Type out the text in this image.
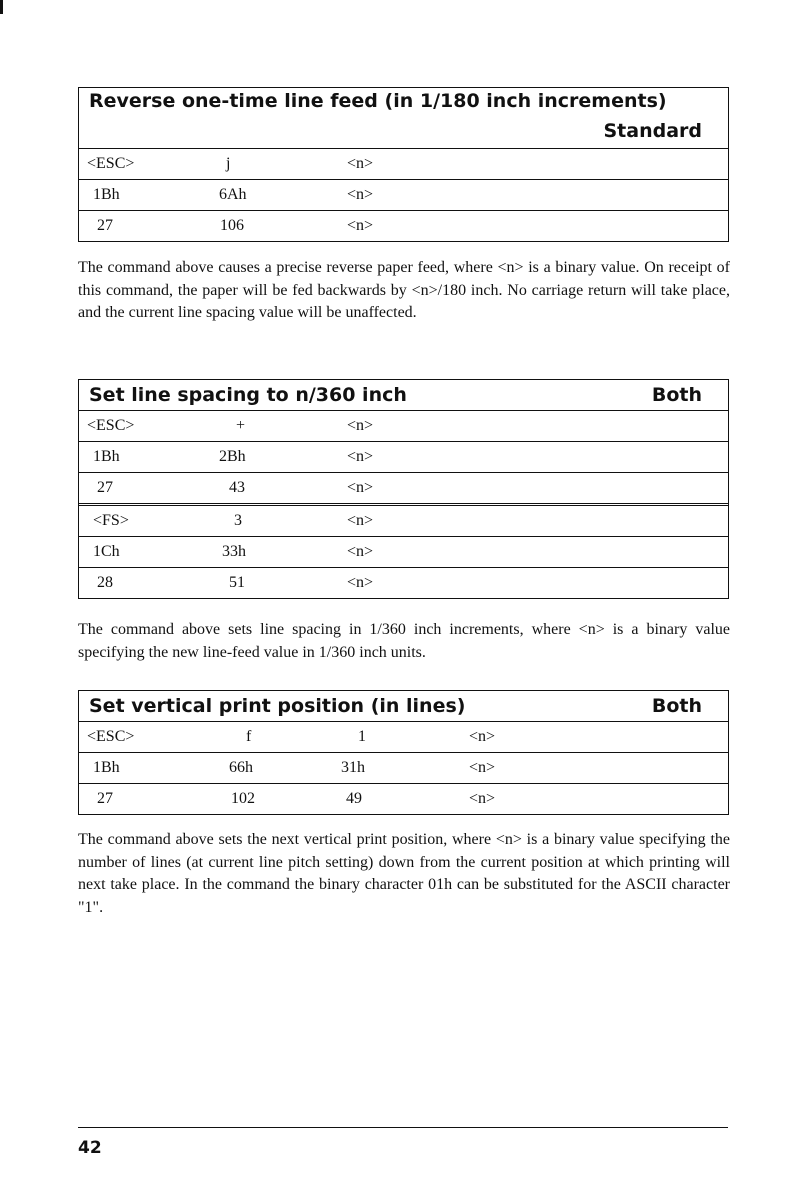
Reverse one-time line feed (in 1/180 inch increments)
Standard
<ESC>	j	<n>
1Bh	6Ah	<n>
27	106	<n>

The command above causes a precise reverse paper feed, where <n> is a binary value. On receipt of this command, the paper will be fed backwards by <n>/180 inch. No carriage return will take place, and the current line spacing value will be unaffected.

Set line spacing to n/360 inch	Both
<ESC>	+	<n>
1Bh	2Bh	<n>
27	43	<n>
<FS>	3	<n>
1Ch	33h	<n>
28	51	<n>

The command above sets line spacing in 1/360 inch increments, where <n> is a binary value specifying the new line-feed value in 1/360 inch units.

Set vertical print position (in lines)	Both
<ESC>	f	1	<n>
1Bh	66h	31h	<n>
27	102	49	<n>

The command above sets the next vertical print position, where <n> is a binary value specifying the number of lines (at current line pitch setting) down from the current position at which printing will next take place. In the command the binary character 01h can be substituted for the ASCII character "1".

42
